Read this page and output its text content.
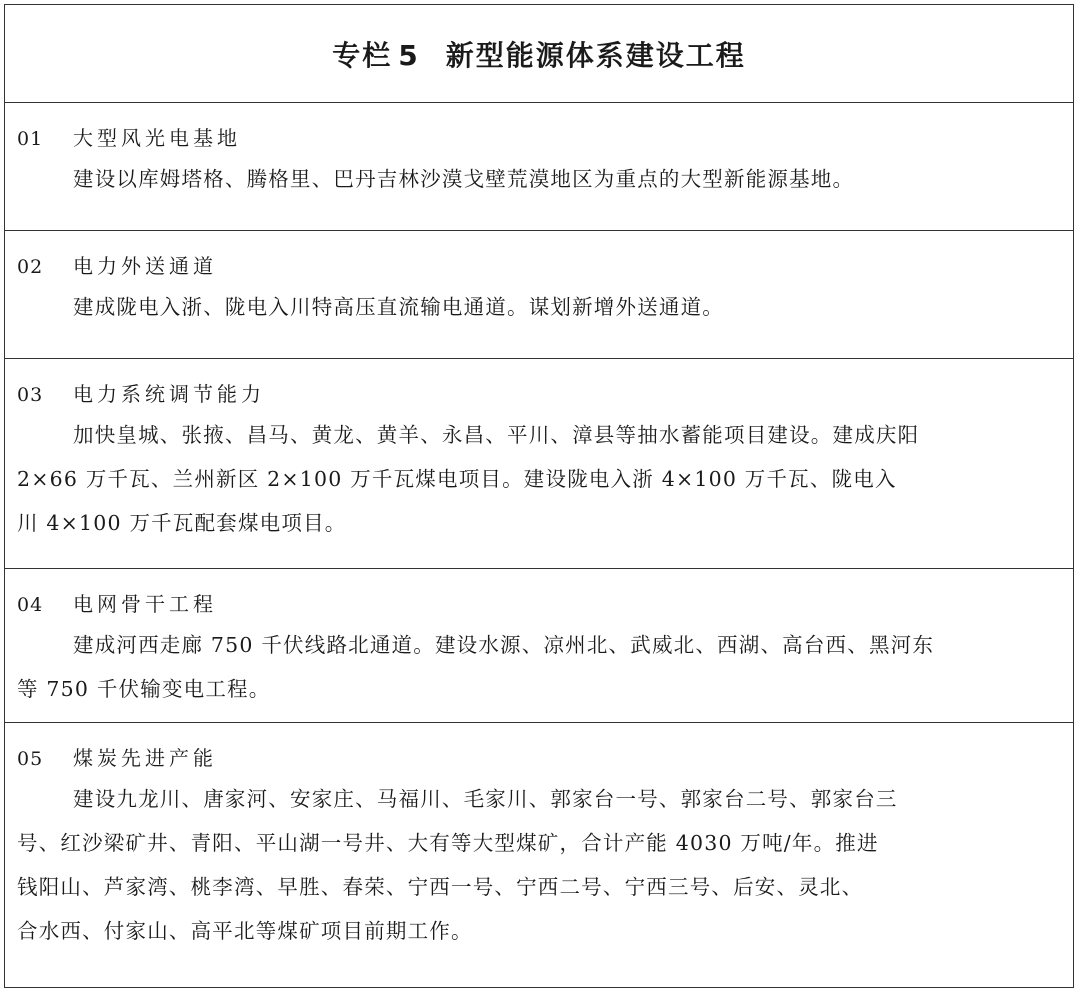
专栏 5 新型能源体系建设工程
01	大型风光电基地
建设以库姆塔格、腾格里、巴丹吉林沙漠戈壁荒漠地区为重点的大型新能源基地。
02	电力外送通道
建成陇电入浙、陇电入川特高压直流输电通道。谋划新增外送通道。
03	电力系统调节能力
加快皇城、张掖、昌马、黄龙、黄羊、永昌、平川、漳县等抽水蓄能项目建设。建成庆阳
2×66 万千瓦、兰州新区 2×100 万千瓦煤电项目。建设陇电入浙 4×100 万千瓦、陇电入
川 4×100 万千瓦配套煤电项目。
04	电网骨干工程
建成河西走廊 750 千伏线路北通道。建设水源、凉州北、武威北、西湖、高台西、黑河东
等 750 千伏输变电工程。
05	煤炭先进产能
建设九龙川、唐家河、安家庄、马福川、毛家川、郭家台一号、郭家台二号、郭家台三
号、红沙梁矿井、青阳、平山湖一号井、大有等大型煤矿，合计产能 4030 万吨/年。推进
钱阳山、芦家湾、桃李湾、早胜、春荣、宁西一号、宁西二号、宁西三号、后安、灵北、
合水西、付家山、高平北等煤矿项目前期工作。
